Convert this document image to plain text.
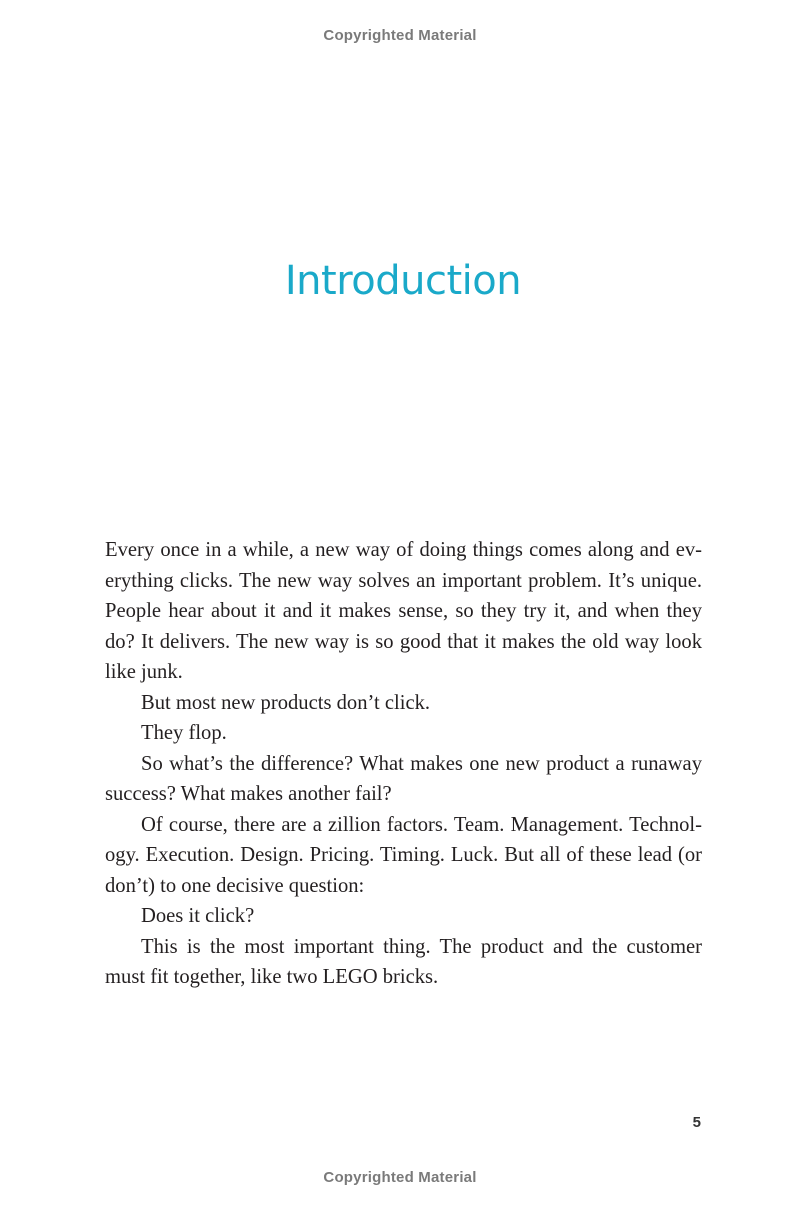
Copyrighted Material
Introduction

Every once in a while, a new way of doing things comes along and everything clicks. The new way solves an important problem. It’s unique. People hear about it and it makes sense, so they try it, and when they do? It delivers. The new way is so good that it makes the old way look like junk.

But most new products don’t click.

They flop.

So what’s the difference? What makes one new product a runaway success? What makes another fail?

Of course, there are a zillion factors. Team. Management. Technology. Execution. Design. Pricing. Timing. Luck. But all of these lead (or don’t) to one decisive question:

Does it click?

This is the most important thing. The product and the customer must fit together, like two LEGO bricks.

5
Copyrighted Material
